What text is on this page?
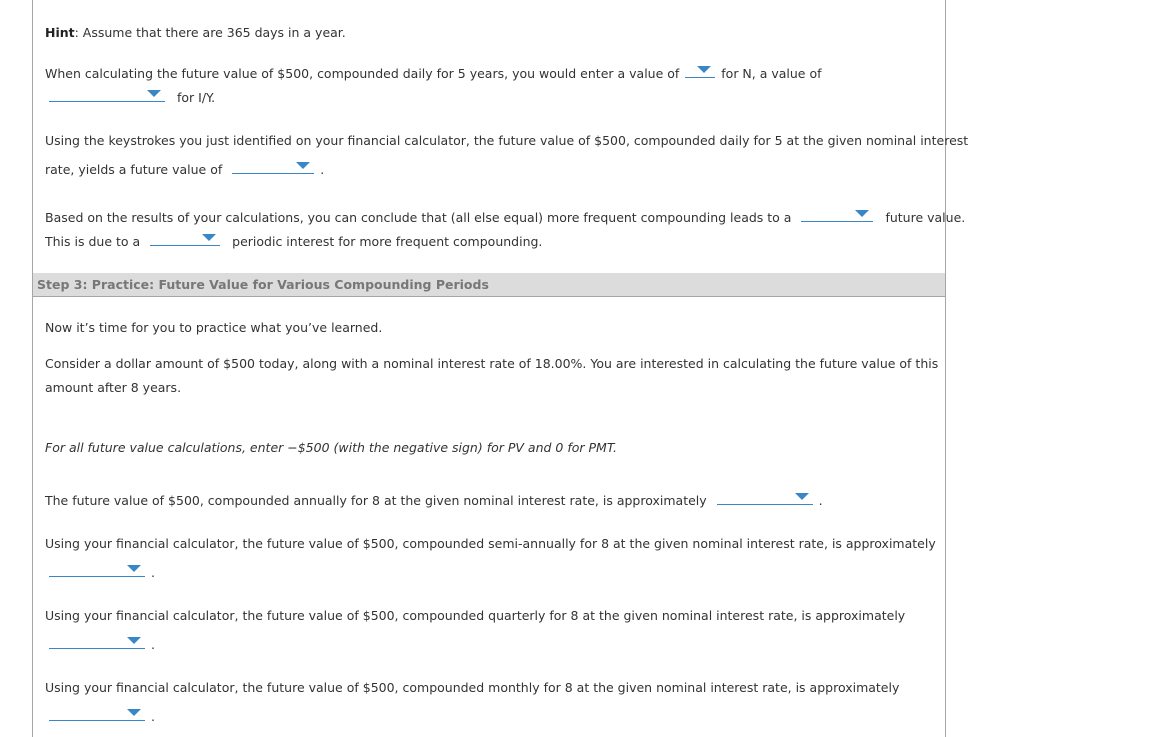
Hint: Assume that there are 365 days in a year.
When calculating the future value of $500, compounded daily for 5 years, you would enter a value of	for N, a value of
for I/Y.
Using the keystrokes you just identified on your financial calculator, the future value of $500, compounded daily for 5 at the given nominal interest
rate, yields a future value of	.
Based on the results of your calculations, you can conclude that (all else equal) more frequent compounding leads to a	future value.
This is due to a	periodic interest for more frequent compounding.
Step 3: Practice: Future Value for Various Compounding Periods
Now it’s time for you to practice what you’ve learned.
Consider a dollar amount of $500 today, along with a nominal interest rate of 18.00%. You are interested in calculating the future value of this
amount after 8 years.
For all future value calculations, enter −$500 (with the negative sign) for PV and 0 for PMT.
The future value of $500, compounded annually for 8 at the given nominal interest rate, is approximately	.
Using your financial calculator, the future value of $500, compounded semi-annually for 8 at the given nominal interest rate, is approximately
.
Using your financial calculator, the future value of $500, compounded quarterly for 8 at the given nominal interest rate, is approximately
.
Using your financial calculator, the future value of $500, compounded monthly for 8 at the given nominal interest rate, is approximately
.
